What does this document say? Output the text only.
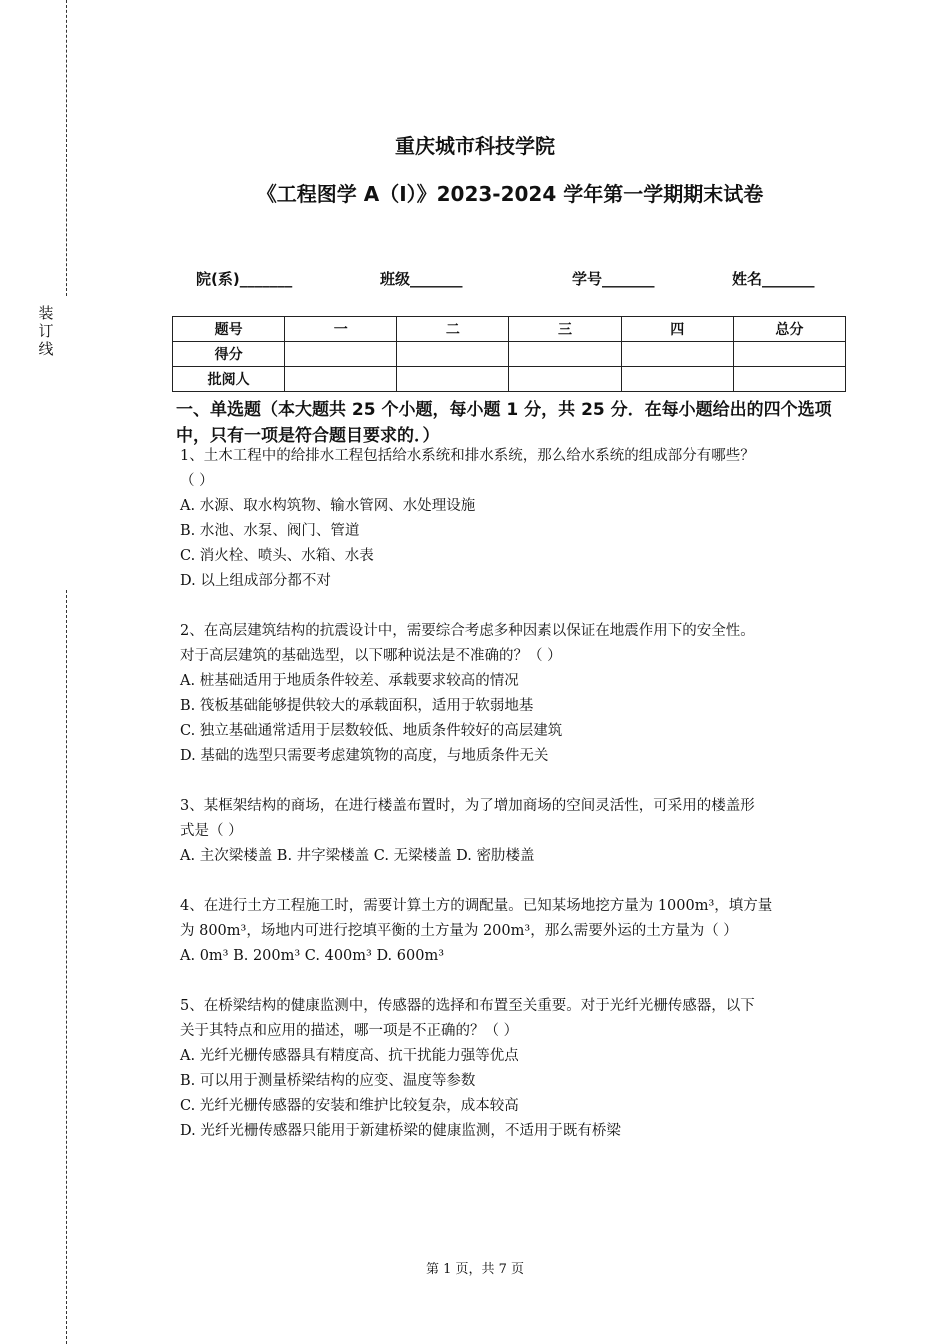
装订线
重庆城市科技学院
《工程图学 A（I）》2023-2024 学年第一学期期末试卷
院(系)_______	班级_______	学号_______	姓名_______
题号	一	二	三	四	总分
得分					
批阅人					
一、单选题（本大题共 25 个小题，每小题 1 分，共 25 分．在每小题给出的四个选项中，只有一项是符合题目要求的．）

1、土木工程中的给排水工程包括给水系统和排水系统，那么给水系统的组成部分有哪些？

（ ）

A. 水源、取水构筑物、输水管网、水处理设施

B. 水池、水泵、阀门、管道

C. 消火栓、喷头、水箱、水表

D. 以上组成部分都不对

2、在高层建筑结构的抗震设计中，需要综合考虑多种因素以保证在地震作用下的安全性。

对于高层建筑的基础选型，以下哪种说法是不准确的？（ ）

A. 桩基础适用于地质条件较差、承载要求较高的情况

B. 筏板基础能够提供较大的承载面积，适用于软弱地基

C. 独立基础通常适用于层数较低、地质条件较好的高层建筑

D. 基础的选型只需要考虑建筑物的高度，与地质条件无关

3、某框架结构的商场，在进行楼盖布置时，为了增加商场的空间灵活性，可采用的楼盖形

式是（ ）

A. 主次梁楼盖 B. 井字梁楼盖 C. 无梁楼盖 D. 密肋楼盖

4、在进行土方工程施工时，需要计算土方的调配量。已知某场地挖方量为 1000m³，填方量

为 800m³，场地内可进行挖填平衡的土方量为 200m³，那么需要外运的土方量为（ ）

A. 0m³ B. 200m³ C. 400m³ D. 600m³

5、在桥梁结构的健康监测中，传感器的选择和布置至关重要。对于光纤光栅传感器，以下

关于其特点和应用的描述，哪一项是不正确的？（ ）

A. 光纤光栅传感器具有精度高、抗干扰能力强等优点

B. 可以用于测量桥梁结构的应变、温度等参数

C. 光纤光栅传感器的安装和维护比较复杂，成本较高

D. 光纤光栅传感器只能用于新建桥梁的健康监测，不适用于既有桥梁

第 1 页，共 7 页
